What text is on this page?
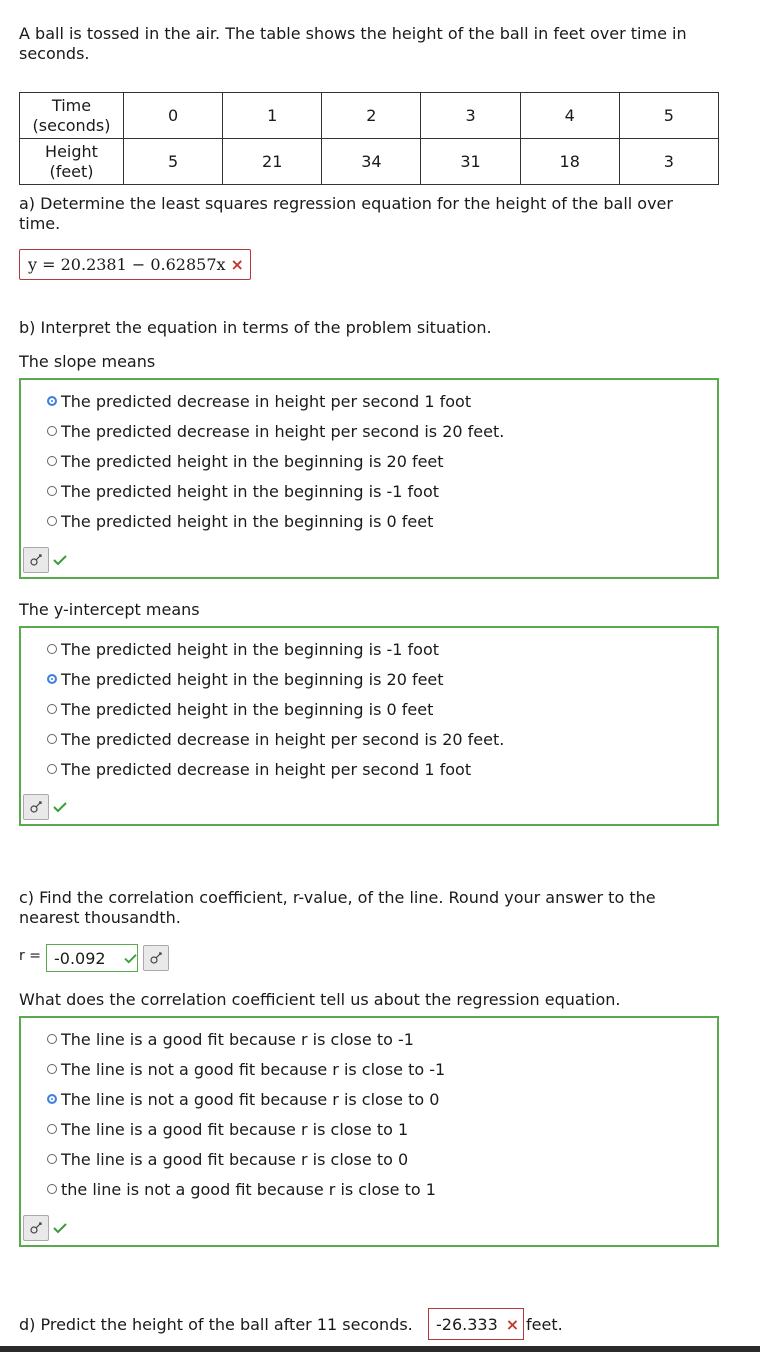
A ball is tossed in the air. The table shows the height of the ball in feet over time in seconds.
Time
(seconds)	0	1	2	3	4	5

Height
(feet)	5	21	34	31	18	3
a) Determine the least squares regression equation for the height of the ball over time.
y = 20.2381 − 0.62857x ×
b) Interpret the equation in terms of the problem situation.
The slope means
The predicted decrease in height per second 1 foot
The predicted decrease in height per second is 20 feet.
The predicted height in the beginning is 20 feet
The predicted height in the beginning is -1 foot
The predicted height in the beginning is 0 feet
The y-intercept means
The predicted height in the beginning is -1 foot
The predicted height in the beginning is 20 feet
The predicted height in the beginning is 0 feet
The predicted decrease in height per second is 20 feet.
The predicted decrease in height per second 1 foot
c) Find the correlation coefficient, r-value, of the line. Round your answer to the nearest thousandth.
r = -0.092
What does the correlation coefficient tell us about the regression equation.
The line is a good fit because r is close to -1
The line is not a good fit because r is close to -1
The line is not a good fit because r is close to 0
The line is a good fit because r is close to 1
The line is a good fit because r is close to 0
the line is not a good fit because r is close to 1
d) Predict the height of the ball after 11 seconds. -26.333 × feet.
